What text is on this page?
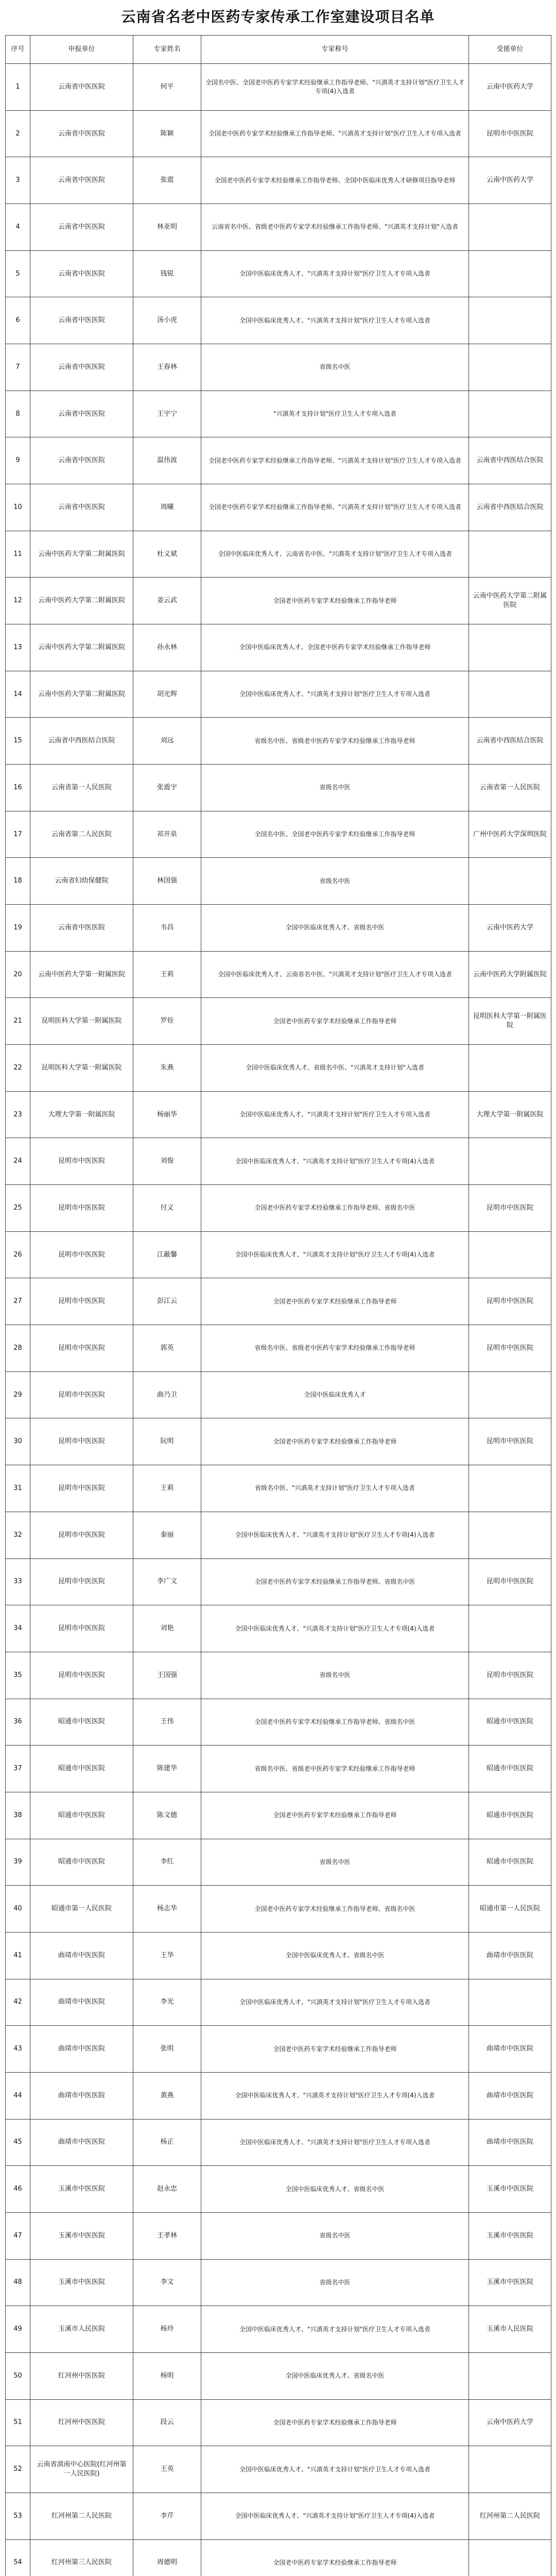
云南省名老中医药专家传承工作室建设项目名单
序号	申报单位	专家姓名	专家称号	受援单位
1	云南省中医医院	何平	全国名中医、全国老中医药专家学术经验继承工作指导老师、"兴滇英才支持计划"医疗卫生人才专项(4)入选者	云南中医药大学
2	云南省中医医院	陈颖	全国老中医药专家学术经验继承工作指导老师、"兴滇英才支持计划"医疗卫生人才专项入选者	昆明市中医医院
3	云南省中医医院	张震	全国老中医药专家学术经验继承工作指导老师、全国中医临床优秀人才研修项目指导老师	云南中医药大学
4	云南省中医医院	林亚明	云南省名中医、省级老中医药专家学术经验继承工作指导老师、"兴滇英才支持计划"入选者	
5	云南省中医医院	钱锐	全国中医临床优秀人才、"兴滇英才支持计划"医疗卫生人才专项入选者	
6	云南省中医医院	汤小虎	全国中医临床优秀人才、"兴滇英才支持计划"医疗卫生人才专项入选者	
7	云南省中医医院	王春林	省级名中医	
8	云南省中医医院	王宇宁	"兴滇英才支持计划"医疗卫生人才专项入选者	
9	云南省中医医院	温伟波	全国老中医药专家学术经验继承工作指导老师、"兴滇英才支持计划"医疗卫生人才专项入选者	云南省中西医结合医院
10	云南省中医医院	周曦	全国老中医药专家学术经验继承工作指导老师、"兴滇英才支持计划"医疗卫生人才专项入选者	云南省中西医结合医院
11	云南中医药大学第二附属医院	杜义斌	全国中医临床优秀人才、云南省名中医、"兴滇英才支持计划"医疗卫生人才专项入选者	
12	云南中医药大学第二附属医院	姜云武	全国老中医药专家学术经验继承工作指导老师	云南中医药大学第二附属医院
13	云南中医药大学第二附属医院	孙永林	全国中医临床优秀人才、全国老中医药专家学术经验继承工作指导老师	
14	云南中医药大学第二附属医院	胡光辉	全国中医临床优秀人才、"兴滇英才支持计划"医疗卫生人才专项入选者	
15	云南省中西医结合医院	刘远	省级名中医、省级老中医药专家学术经验继承工作指导老师	云南省中西医结合医院
16	云南省第一人民医院	张震宇	省级名中医	云南省第一人民医院
17	云南省第二人民医院	祁开泉	全国名中医、全国老中医药专家学术经验继承工作指导老师	广州中医药大学深圳医院
18	云南省妇幼保健院	林国强	省级名中医	
19	云南省中医医院	韦昌	全国中医临床优秀人才、省级名中医	云南中医药大学
20	云南中医药大学第一附属医院	王莉	全国中医临床优秀人才、云南省名中医、"兴滇英才支持计划"医疗卫生人才专项入选者	云南中医药大学附属医院
21	昆明医科大学第一附属医院	罗铨	全国老中医药专家学术经验继承工作指导老师	昆明医科大学第一附属医院
22	昆明医科大学第一附属医院	朱燕	全国中医临床优秀人才、省级名中医、"兴滇英才支持计划"入选者	
23	大理大学第一附属医院	杨丽华	全国中医临床优秀人才、"兴滇英才支持计划"医疗卫生人才专项入选者	大理大学第一附属医院
24	昆明市中医医院	刘俊	全国中医临床优秀人才、"兴滇英才支持计划"医疗卫生人才专项(4)入选者	
25	昆明市中医医院	付义	全国老中医药专家学术经验继承工作指导老师、省级名中医	昆明市中医医院
26	昆明市中医医院	江蔽馨	全国中医临床优秀人才、"兴滇英才支持计划"医疗卫生人才专项(4)入选者	
27	昆明市中医医院	彭江云	全国老中医药专家学术经验继承工作指导老师	昆明市中医医院
28	昆明市中医医院	郭英	省级名中医、省级老中医药专家学术经验继承工作指导老师	昆明市中医医院
29	昆明市中医医院	曲乃卫	全国中医临床优秀人才	
30	昆明市中医医院	阮明	全国老中医药专家学术经验继承工作指导老师	昆明市中医医院
31	昆明市中医医院	王莉	省级名中医、"兴滇英才支持计划"医疗卫生人才专项入选者	
32	昆明市中医医院	秦丽	全国中医临床优秀人才、"兴滇英才支持计划"医疗卫生人才专项(4)入选者	
33	昆明市中医医院	李广文	全国老中医药专家学术经验继承工作指导老师、省级名中医	昆明市中医医院
34	昆明市中医医院	刘艳	全国中医临床优秀人才、"兴滇英才支持计划"医疗卫生人才专项(4)入选者	
35	昆明市中医医院	王国强	省级名中医	昆明市中医医院
36	昭通市中医医院	王伟	全国老中医药专家学术经验继承工作指导老师、省级名中医	昭通市中医医院
37	昭通市中医医院	陈建华	省级名中医、省级老中医药专家学术经验继承工作指导老师	昭通市中医医院
38	昭通市中医医院	陈文德	全国老中医药专家学术经验继承工作指导老师	昭通市中医医院
39	昭通市中医医院	李红	省级名中医	昭通市中医医院
40	昭通市第一人民医院	杨志华	全国老中医药专家学术经验继承工作指导老师、省级名中医	昭通市第一人民医院
41	曲靖市中医医院	王华	全国中医临床优秀人才、省级名中医	曲靖市中医医院
42	曲靖市中医医院	李光	全国中医临床优秀人才、"兴滇英才支持计划"医疗卫生人才专项入选者	
43	曲靖市中医医院	张明	全国老中医药专家学术经验继承工作指导老师	曲靖市中医医院
44	曲靖市中医医院	黄燕	全国中医临床优秀人才、"兴滇英才支持计划"医疗卫生人才专项(4)入选者	曲靖市中医医院
45	曲靖市中医医院	杨正	全国中医临床优秀人才、"兴滇英才支持计划"医疗卫生人才专项入选者	曲靖市中医医院
46	玉溪市中医医院	赵永忠	全国中医临床优秀人才、省级名中医	玉溪市中医医院
47	玉溪市中医医院	王孝林	省级名中医	玉溪市中医医院
48	玉溪市中医医院	李文	省级名中医	玉溪市中医医院
49	玉溪市人民医院	杨玲	全国中医临床优秀人才、"兴滇英才支持计划"医疗卫生人才专项入选者	玉溪市人民医院
50	红河州中医医院	杨明	全国中医临床优秀人才、省级名中医	
51	红河州中医医院	段云	全国老中医药专家学术经验继承工作指导老师	云南中医药大学
52	云南省滇南中心医院(红河州第一人民医院)	王英	全国中医临床优秀人才、"兴滇英才支持计划"医疗卫生人才专项入选者	
53	红河州第二人民医院	李芹	全国中医临床优秀人才、"兴滇英才支持计划"医疗卫生人才专项(4)入选者	红河州第二人民医院
54	红河州第三人民医院	周德明	全国老中医药专家学术经验继承工作指导老师	
